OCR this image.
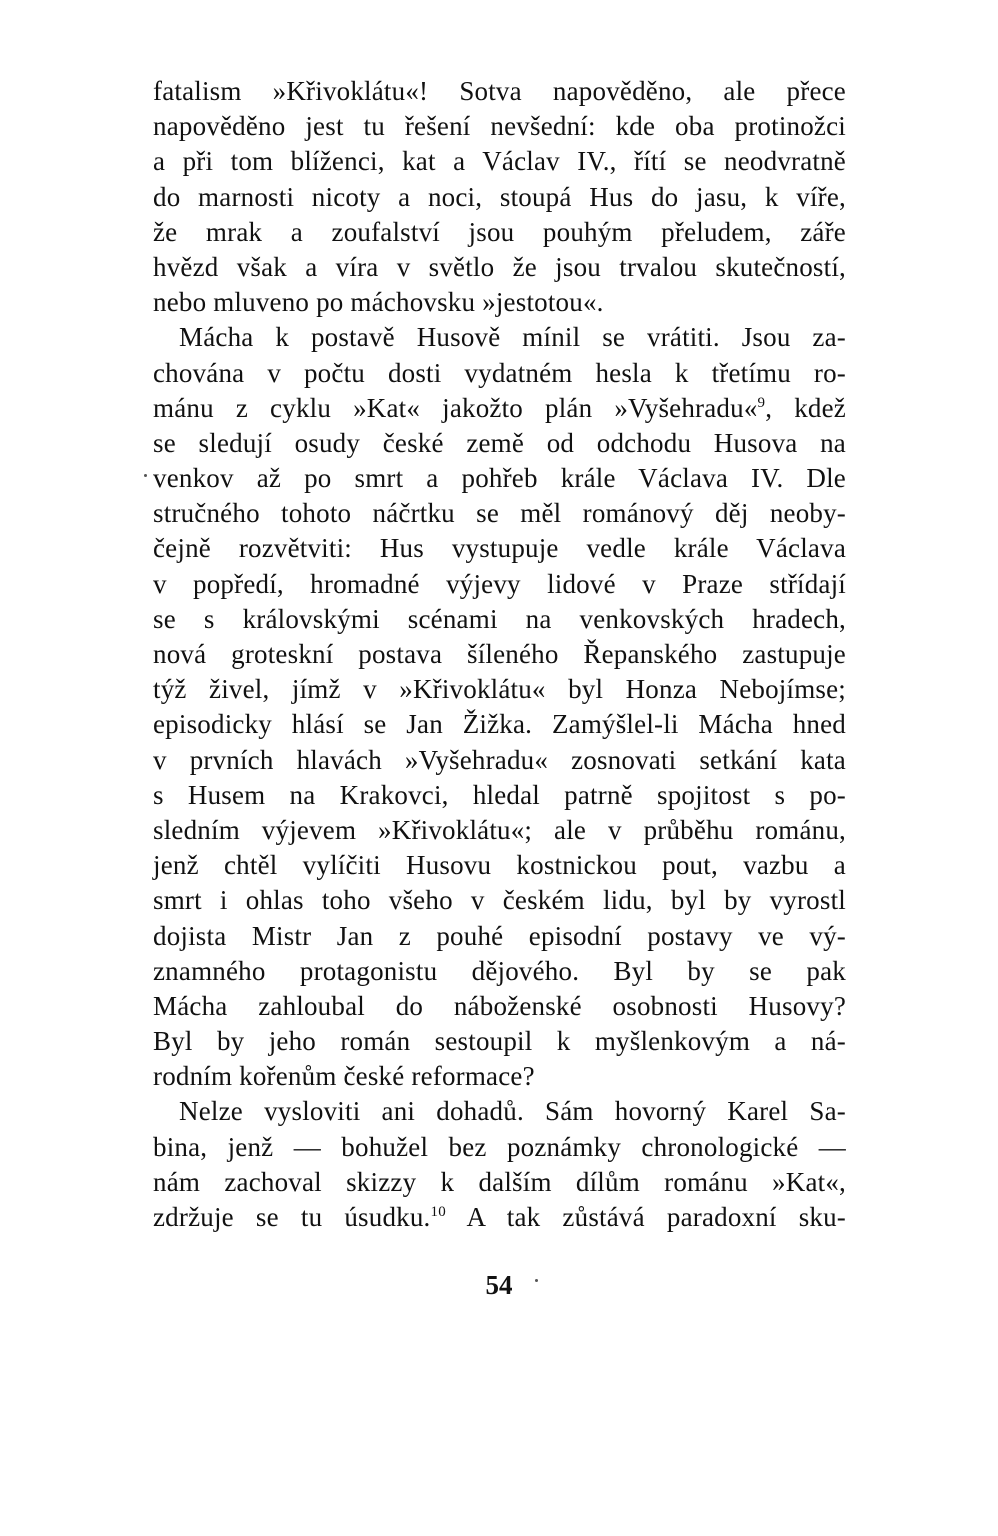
fatalism »Křivoklátu«! Sotva napověděno, ale přece
napověděno jest tu řešení nevšední: kde oba protinožci
a při tom blíženci, kat a Václav IV., řítí se neodvratně
do marnosti nicoty a noci, stoupá Hus do jasu, k víře,
že mrak a zoufalství jsou pouhým přeludem, záře
hvězd však a víra v světlo že jsou trvalou skutečností,
nebo mluveno po máchovsku »jestotou«.
Mácha k postavě Husově mínil se vrátiti. Jsou za-
chována v počtu dosti vydatném hesla k třetímu ro-
mánu z cyklu »Kat« jakožto plán »Vyšehradu«$^9$, kdež
se sledují osudy české země od odchodu Husova na
venkov až po smrt a pohřeb krále Václava IV. Dle
stručného tohoto náčrtku se měl románový děj neoby-
čejně rozvětviti: Hus vystupuje vedle krále Václava
v popředí, hromadné výjevy lidové v Praze střídají
se s královskými scénami na venkovských hradech,
nová groteskní postava šíleného Řepanského zastupuje
týž živel, jímž v »Křivoklátu« byl Honza Nebojímse;
episodicky hlásí se Jan Žižka. Zamýšlel-li Mácha hned
v prvních hlavách »Vyšehradu« zosnovati setkání kata
s Husem na Krakovci, hledal patrně spojitost s po-
sledním výjevem »Křivoklátu«; ale v průběhu románu,
jenž chtěl vylíčiti Husovu kostnickou pout, vazbu a
smrt i ohlas toho všeho v českém lidu, byl by vyrostl
dojista Mistr Jan z pouhé episodní postavy ve vý-
znamného protagonistu dějového. Byl by se pak
Mácha zahloubal do náboženské osobnosti Husovy?
Byl by jeho román sestoupil k myšlenkovým a ná-
rodním kořenům české reformace?
Nelze vysloviti ani dohadů. Sám hovorný Karel Sa-
bina, jenž — bohužel bez poznámky chronologické —
nám zachoval skizzy k dalším dílům románu »Kat«,
zdržuje se tu úsudku.$^{10}$ A tak zůstává paradoxní sku-
54
